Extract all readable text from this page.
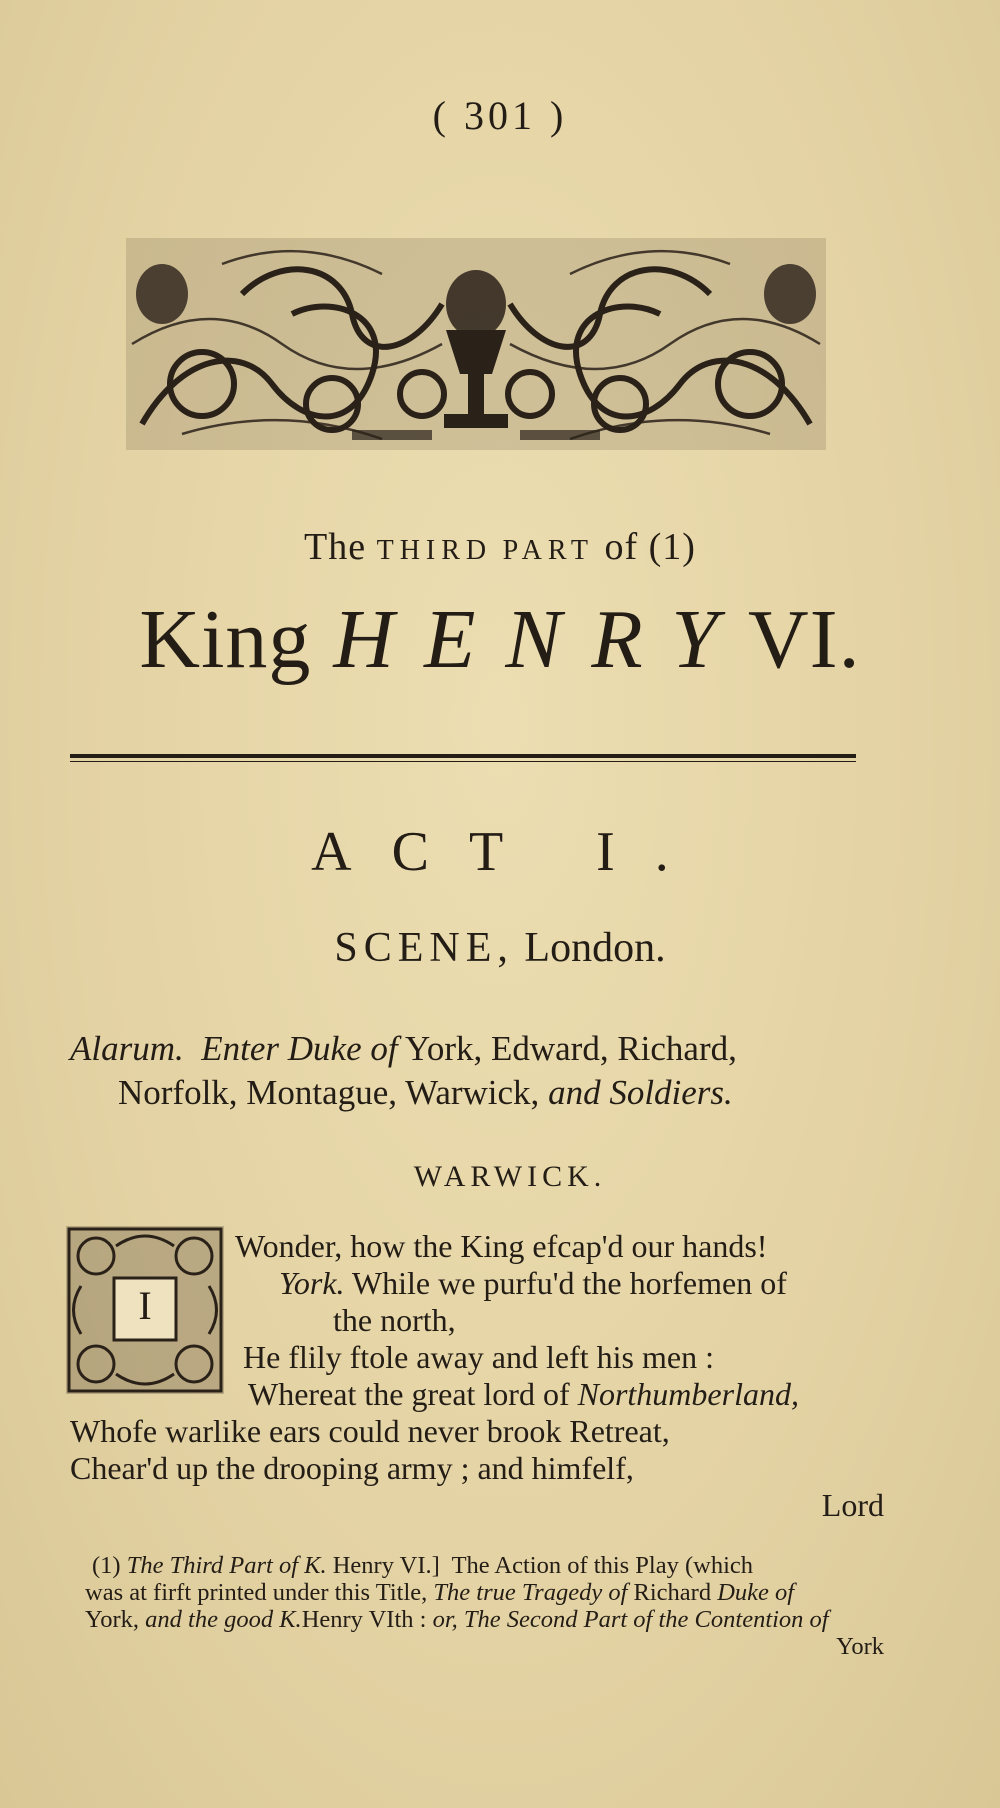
( 301 )
The THIRD PART of (1)
King HENRYVI.
ACT I.
SCENE, London.
Alarum.  Enter Duke of York, Edward, Richard,
Norfolk, Montague, Warwick, and Soldiers.
WARWICK.
I
Wonder, how the King efcap'd our hands!
York. While we purfu'd the horfemen of
the north,
He flily ftole away and left his men :
Whereat the great lord of Northumberland,
Whofe warlike ears could never brook Retreat,
Chear'd up the drooping army ; and himfelf,
Lord
(1) The Third Part of K. Henry VI.]  The Action of this Play (which
was at firft printed under this Title, The true Tragedy of Richard Duke of
York, and the good K.Henry VIth : or, The Second Part of the Contention of
York
